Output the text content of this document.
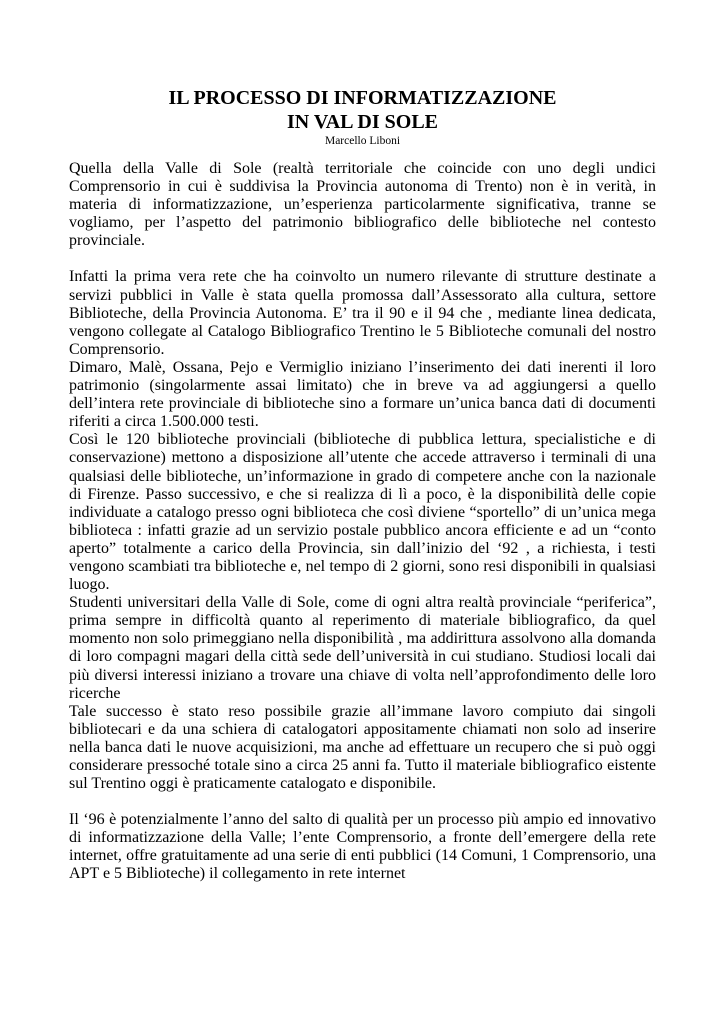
IL PROCESSO DI INFORMATIZZAZIONE
IN VAL DI SOLE

Marcello Liboni

Quella della Valle di Sole (realtà territoriale che coincide con uno degli undici Comprensorio in cui è suddivisa la Provincia autonoma di Trento) non è in verità, in materia di informatizzazione, un’esperienza particolarmente significativa, tranne se vogliamo, per l’aspetto del patrimonio bibliografico delle biblioteche nel contesto provinciale.

Infatti la prima vera rete che ha coinvolto un numero rilevante di strutture destinate a servizi pubblici in Valle è stata quella promossa dall’Assessorato alla cultura, settore Biblioteche, della Provincia Autonoma. E’ tra il 90 e il 94 che , mediante linea dedicata, vengono collegate al Catalogo Bibliografico Trentino le 5 Biblioteche comunali del nostro Comprensorio.

Dimaro, Malè, Ossana, Pejo e Vermiglio iniziano l’inserimento dei dati inerenti il loro patrimonio (singolarmente assai limitato) che in breve va ad aggiungersi a quello dell’intera rete provinciale di biblioteche sino a formare un’unica banca dati di documenti riferiti a circa 1.500.000 testi.

Così le 120 biblioteche provinciali (biblioteche di pubblica lettura, specialistiche e di conservazione) mettono a disposizione all’utente che accede attraverso i terminali di una qualsiasi delle biblioteche, un’informazione in grado di competere anche con la nazionale di Firenze. Passo successivo, e che si realizza di lì a poco, è la disponibilità delle copie individuate a catalogo presso ogni biblioteca che così diviene “sportello” di un’unica mega biblioteca : infatti grazie ad un servizio postale pubblico ancora efficiente e ad un “conto aperto” totalmente a carico della Provincia, sin dall’inizio del ‘92 , a richiesta, i testi vengono scambiati tra biblioteche e, nel tempo di 2 giorni, sono resi disponibili in qualsiasi luogo.

Studenti universitari della Valle di Sole, come di ogni altra realtà provinciale “periferica”, prima sempre in difficoltà quanto al reperimento di materiale bibliografico, da quel momento non solo primeggiano nella disponibilità , ma addirittura assolvono alla domanda di loro compagni magari della città sede dell’università in cui studiano. Studiosi locali dai più diversi interessi iniziano a trovare una chiave di volta nell’approfondimento delle loro ricerche

Tale successo è stato reso possibile grazie all’immane lavoro compiuto dai singoli bibliotecari e da una schiera di catalogatori appositamente chiamati non solo ad inserire nella banca dati le nuove acquisizioni, ma anche ad effettuare un recupero che si può oggi considerare pressoché totale sino a circa 25 anni fa. Tutto il materiale bibliografico eistente sul Trentino oggi è praticamente catalogato e disponibile.

Il ‘96 è potenzialmente l’anno del salto di qualità per un processo più ampio ed innovativo di informatizzazione della Valle; l’ente Comprensorio, a fronte dell’emergere della rete internet, offre gratuitamente ad una serie di enti pubblici (14 Comuni, 1 Comprensorio, una APT e 5 Biblioteche) il collegamento in rete internet
